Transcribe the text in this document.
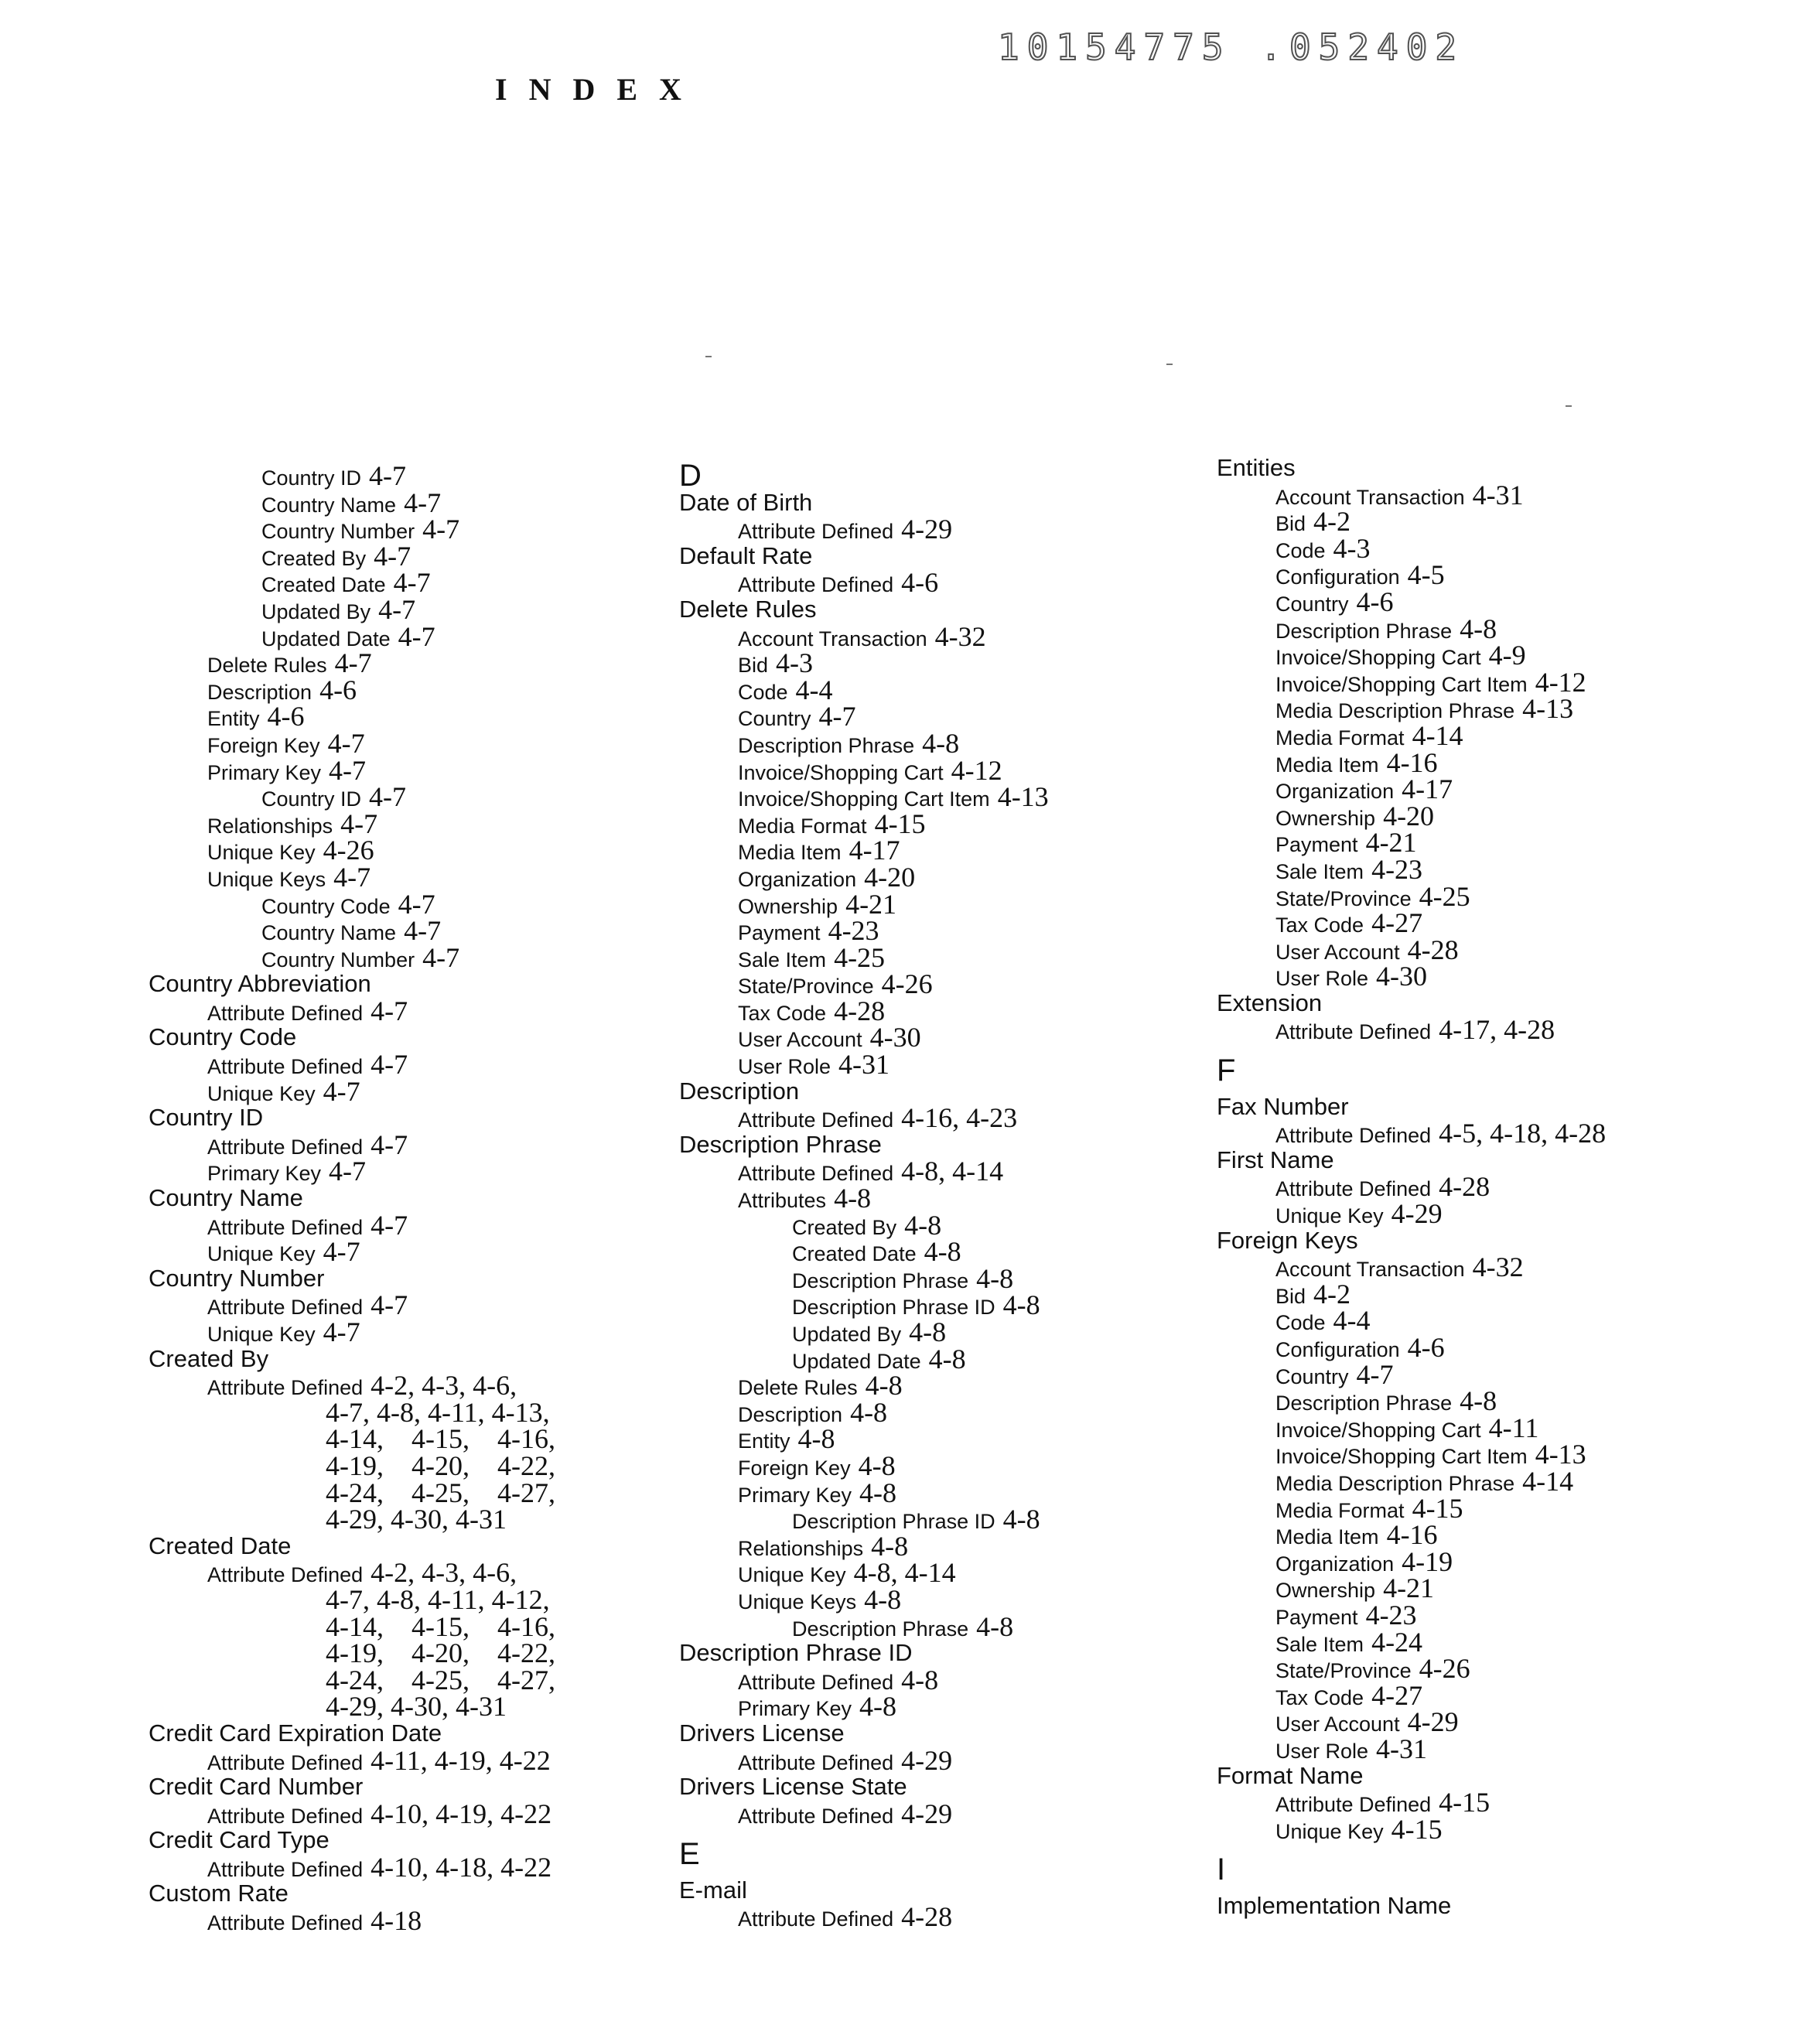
10154775 .052402
INDEX
Country ID 4-7
Country Name 4-7
Country Number 4-7
Created By 4-7
Created Date 4-7
Updated By 4-7
Updated Date 4-7
Delete Rules 4-7
Description 4-6
Entity 4-6
Foreign Key 4-7
Primary Key 4-7
Country ID 4-7
Relationships 4-7
Unique Key 4-26
Unique Keys 4-7
Country Code 4-7
Country Name 4-7
Country Number 4-7
Country Abbreviation
Attribute Defined 4-7
Country Code
Attribute Defined 4-7
Unique Key 4-7
Country ID
Attribute Defined 4-7
Primary Key 4-7
Country Name
Attribute Defined 4-7
Unique Key 4-7
Country Number
Attribute Defined 4-7
Unique Key 4-7
Created By
Attribute Defined 4-2, 4-3, 4-6,
4-7, 4-8, 4-11, 4-13,
4-14,    4-15,    4-16,
4-19,    4-20,    4-22,
4-24,    4-25,    4-27,
4-29, 4-30, 4-31
Created Date
Attribute Defined 4-2, 4-3, 4-6,
4-7, 4-8, 4-11, 4-12,
4-14,    4-15,    4-16,
4-19,    4-20,    4-22,
4-24,    4-25,    4-27,
4-29, 4-30, 4-31
Credit Card Expiration Date
Attribute Defined 4-11, 4-19, 4-22
Credit Card Number
Attribute Defined 4-10, 4-19, 4-22
Credit Card Type
Attribute Defined 4-10, 4-18, 4-22
Custom Rate
Attribute Defined 4-18
D
Date of Birth
Attribute Defined 4-29
Default Rate
Attribute Defined 4-6
Delete Rules
Account Transaction 4-32
Bid 4-3
Code 4-4
Country 4-7
Description Phrase 4-8
Invoice/Shopping Cart 4-12
Invoice/Shopping Cart Item 4-13
Media Format 4-15
Media Item 4-17
Organization 4-20
Ownership 4-21
Payment 4-23
Sale Item 4-25
State/Province 4-26
Tax Code 4-28
User Account 4-30
User Role 4-31
Description
Attribute Defined 4-16, 4-23
Description Phrase
Attribute Defined 4-8, 4-14
Attributes 4-8
Created By 4-8
Created Date 4-8
Description Phrase 4-8
Description Phrase ID 4-8
Updated By 4-8
Updated Date 4-8
Delete Rules 4-8
Description 4-8
Entity 4-8
Foreign Key 4-8
Primary Key 4-8
Description Phrase ID 4-8
Relationships 4-8
Unique Key 4-8, 4-14
Unique Keys 4-8
Description Phrase 4-8
Description Phrase ID
Attribute Defined 4-8
Primary Key 4-8
Drivers License
Attribute Defined 4-29
Drivers License State
Attribute Defined 4-29
E
E-mail
Attribute Defined 4-28
Entities
Account Transaction 4-31
Bid 4-2
Code 4-3
Configuration 4-5
Country 4-6
Description Phrase 4-8
Invoice/Shopping Cart 4-9
Invoice/Shopping Cart Item 4-12
Media Description Phrase 4-13
Media Format 4-14
Media Item 4-16
Organization 4-17
Ownership 4-20
Payment 4-21
Sale Item 4-23
State/Province 4-25
Tax Code 4-27
User Account 4-28
User Role 4-30
Extension
Attribute Defined 4-17, 4-28
F
Fax Number
Attribute Defined 4-5, 4-18, 4-28
First Name
Attribute Defined 4-28
Unique Key 4-29
Foreign Keys
Account Transaction 4-32
Bid 4-2
Code 4-4
Configuration 4-6
Country 4-7
Description Phrase 4-8
Invoice/Shopping Cart 4-11
Invoice/Shopping Cart Item 4-13
Media Description Phrase 4-14
Media Format 4-15
Media Item 4-16
Organization 4-19
Ownership 4-21
Payment 4-23
Sale Item 4-24
State/Province 4-26
Tax Code 4-27
User Account 4-29
User Role 4-31
Format Name
Attribute Defined 4-15
Unique Key 4-15
I
Implementation Name
